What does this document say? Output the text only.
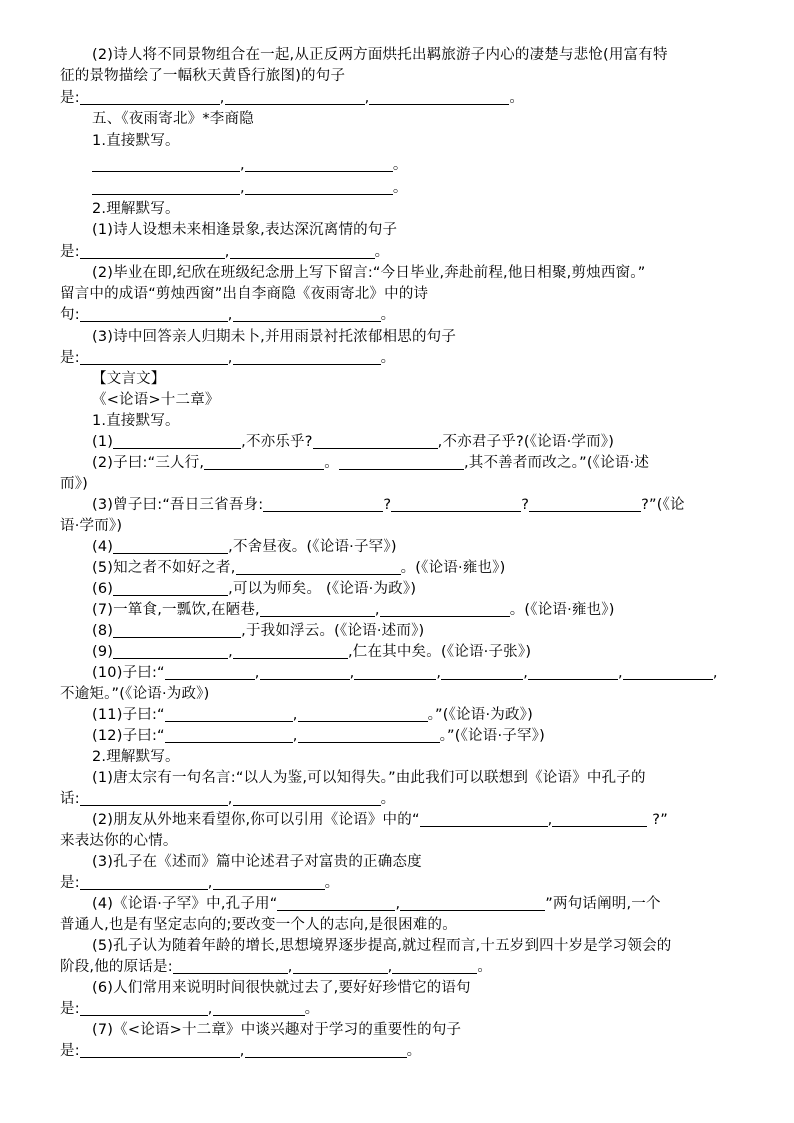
(2)诗人将不同景物组合在一起,从正反两方面烘托出羁旅游子内心的凄楚与悲怆(用富有特
征的景物描绘了一幅秋天黄昏行旅图)的句子
是:	,	,	。
五、《夜雨寄北》*李商隐
1.直接默写。
,	。
,	。
2.理解默写。
(1)诗人设想未来相逢景象,表达深沉离情的句子
是:	,	。
(2)毕业在即,纪欣在班级纪念册上写下留言:“今日毕业,奔赴前程,他日相聚,剪烛西窗。”
留言中的成语“剪烛西窗”出自李商隐《夜雨寄北》中的诗
句:	,	。
(3)诗中回答亲人归期未卜,并用雨景衬托浓郁相思的句子
是:	,	。
【文言文】
《<论语>十二章》
1.直接默写。
(1)	,不亦乐乎?	,不亦君子乎?(《论语·学而》)
(2)子曰:“三人行,	。	,其不善者而改之。”(《论语·述
而》)
(3)曾子曰:“吾日三省吾身:	?	?	?”(《论
语·学而》)
(4)	,不舍昼夜。(《论语·子罕》)
(5)知之者不如好之者,	。(《论语·雍也》)
(6)	,可以为师矣。 (《论语·为政》)
(7)一箪食,一瓢饮,在陋巷,	,	。(《论语·雍也》)
(8)	,于我如浮云。(《论语·述而》)
(9)	,	,仁在其中矣。(《论语·子张》)
(10)子曰:“	,	,	,	,	,	,
不逾矩。”(《论语·为政》)
(11)子曰:“	,	。”(《论语·为政》)
(12)子曰:“	,	。”(《论语·子罕》)
2.理解默写。
(1)唐太宗有一句名言:“以人为鉴,可以知得失。”由此我们可以联想到《论语》中孔子的
话:	,	。
(2)朋友从外地来看望你,你可以引用《论语》中的“	,	?”
来表达你的心情。
(3)孔子在《述而》篇中论述君子对富贵的正确态度
是:	,	。
(4)《论语·子罕》中,孔子用“	,	”两句话阐明,一个
普通人,也是有坚定志向的;要改变一个人的志向,是很困难的。
(5)孔子认为随着年龄的增长,思想境界逐步提高,就过程而言,十五岁到四十岁是学习领会的
阶段,他的原话是:	,	,	。
(6)人们常用来说明时间很快就过去了,要好好珍惜它的语句
是:	,	。
(7)《<论语>十二章》中谈兴趣对于学习的重要性的句子
是:	,	。
